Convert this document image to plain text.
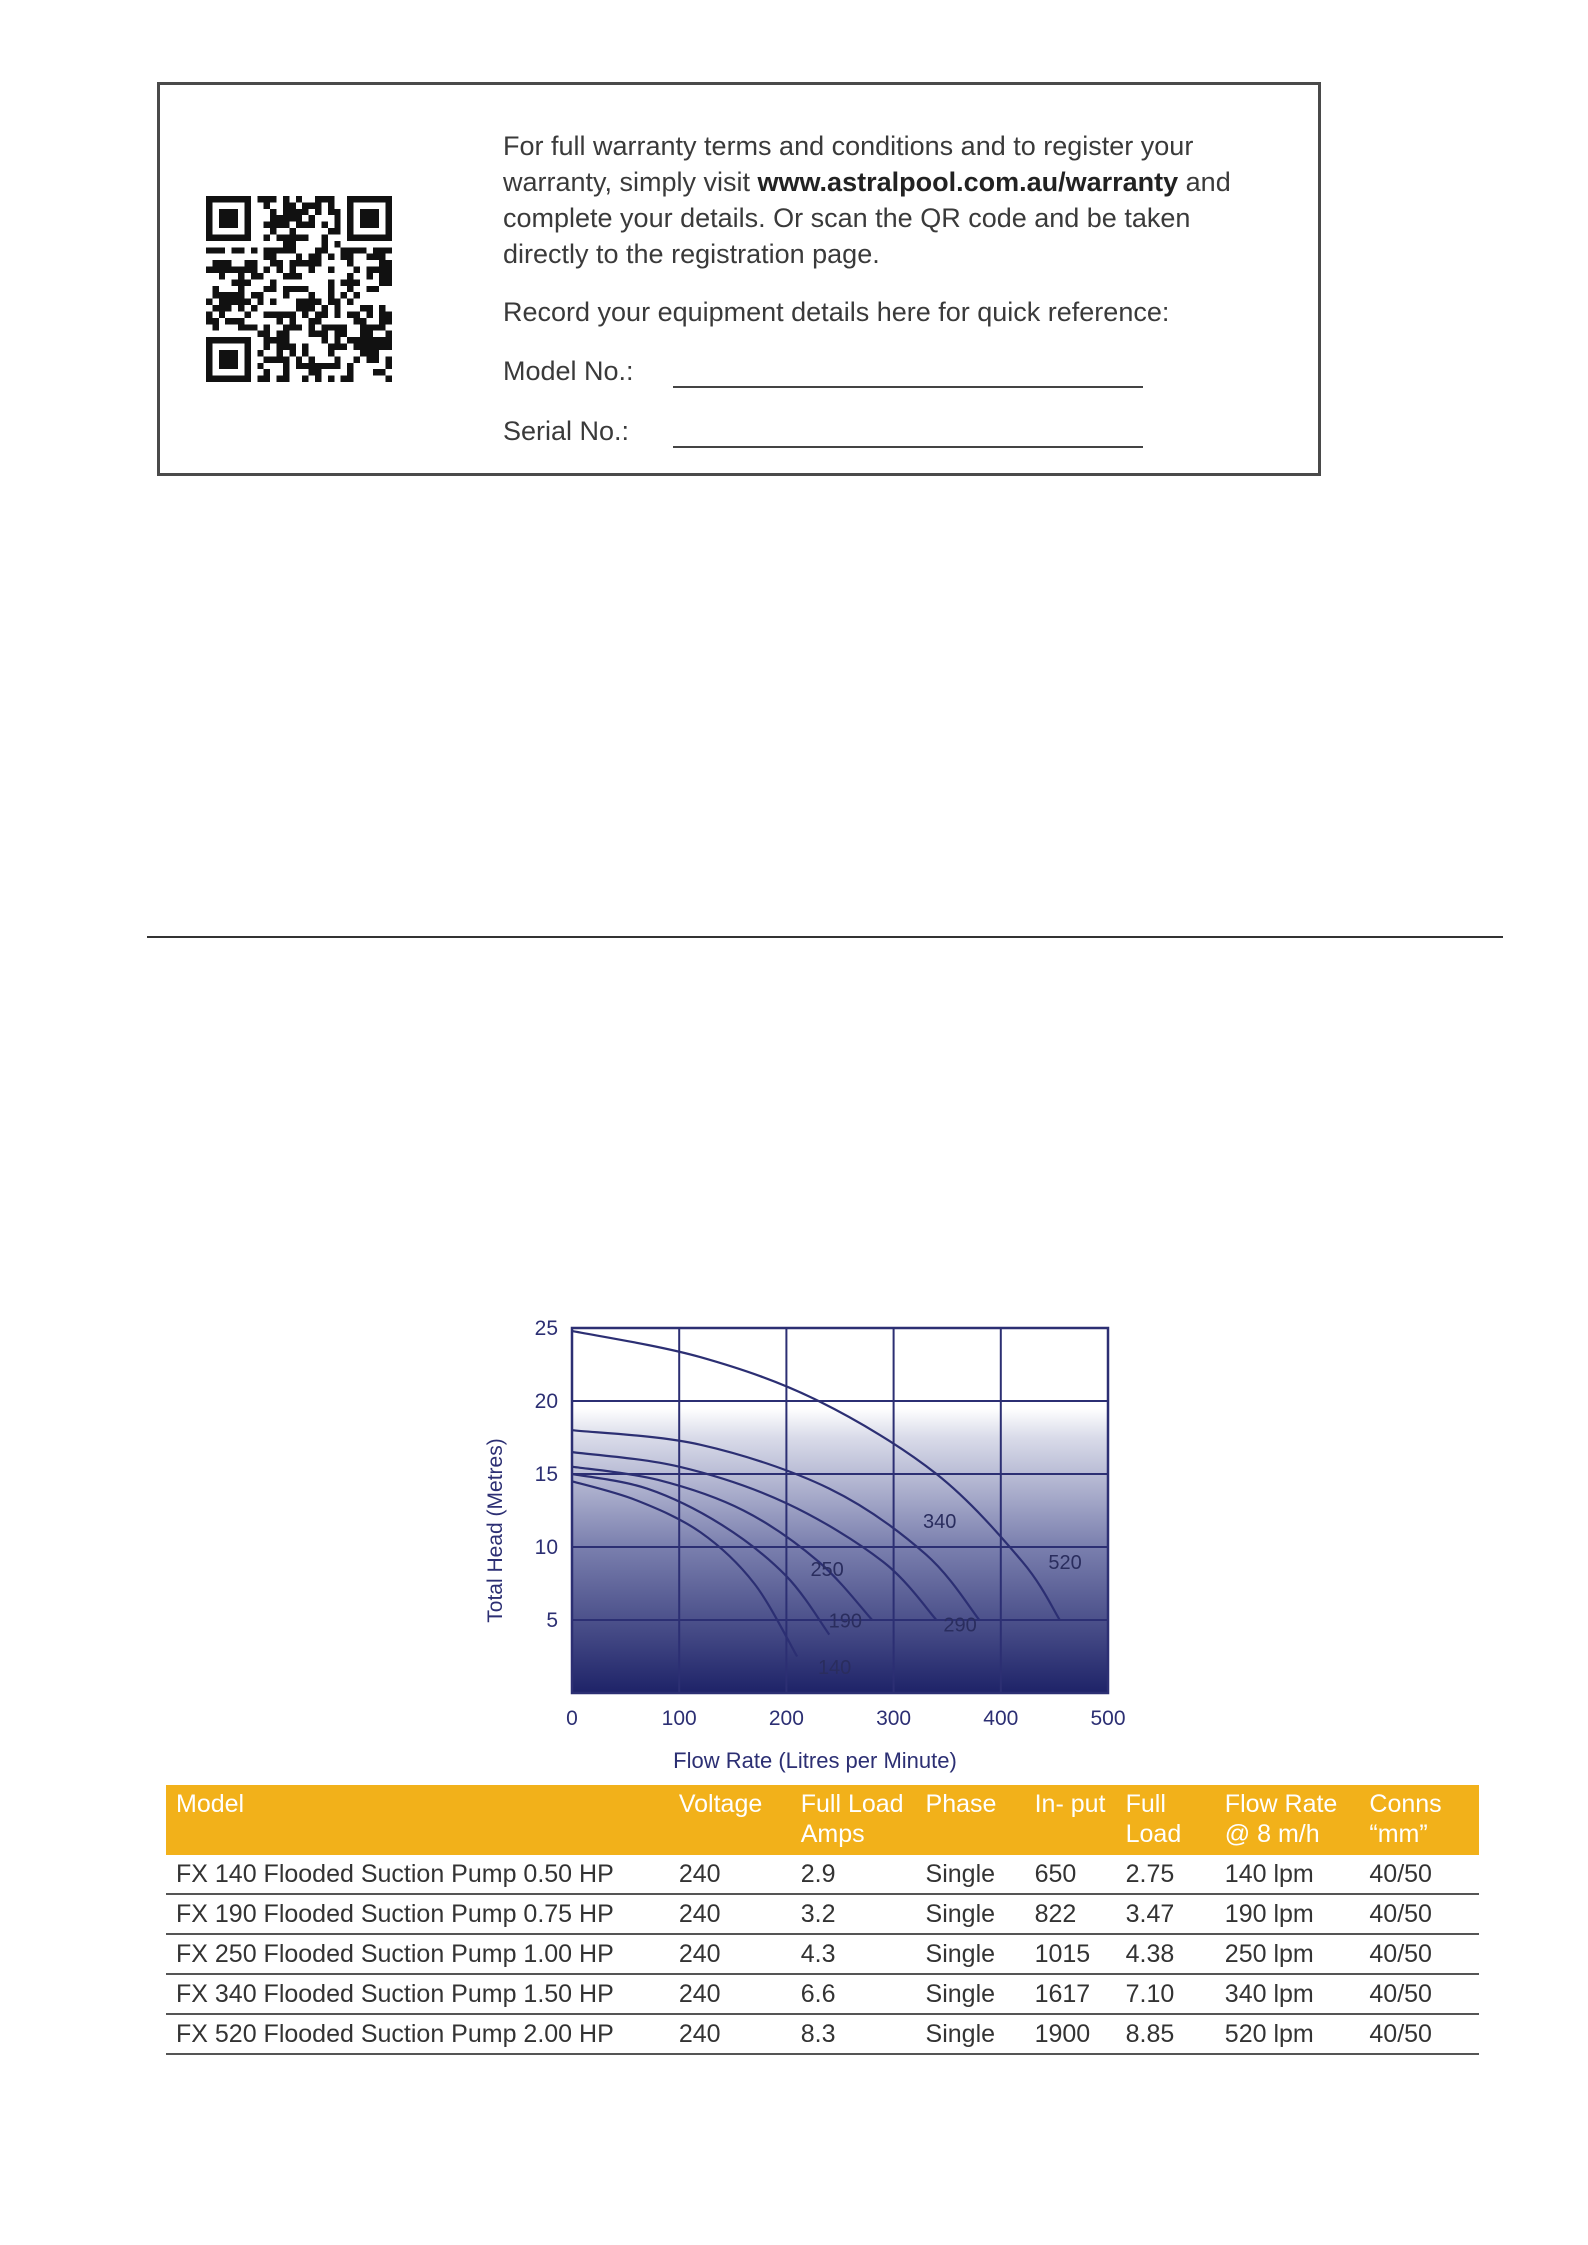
For full warranty terms and conditions and to register your warranty, simply visit www.astralpool.com.au/warranty and complete your details. Or scan the QR code and be taken directly to the registration page.
Record your equipment details here for quick reference:
Model No.:
Serial No.:
140
190
250
290
340
520
0	100	200	300	400	500
5
10
15
20
25
Flow Rate (Litres per Minute)
Total Head (Metres)
Model	Voltage	Full Load Amps	Phase	In- put	Full Load	Flow Rate @ 8 m/h	Conns “mm”
FX 140 Flooded Suction Pump 0.50 HP	240	2.9	Single	650	2.75	140 lpm	40/50
FX 190 Flooded Suction Pump 0.75 HP	240	3.2	Single	822	3.47	190 lpm	40/50
FX 250 Flooded Suction Pump 1.00 HP	240	4.3	Single	1015	4.38	250 lpm	40/50
FX 340 Flooded Suction Pump 1.50 HP	240	6.6	Single	1617	7.10	340 lpm	40/50
FX 520 Flooded Suction Pump 2.00 HP	240	8.3	Single	1900	8.85	520 lpm	40/50
